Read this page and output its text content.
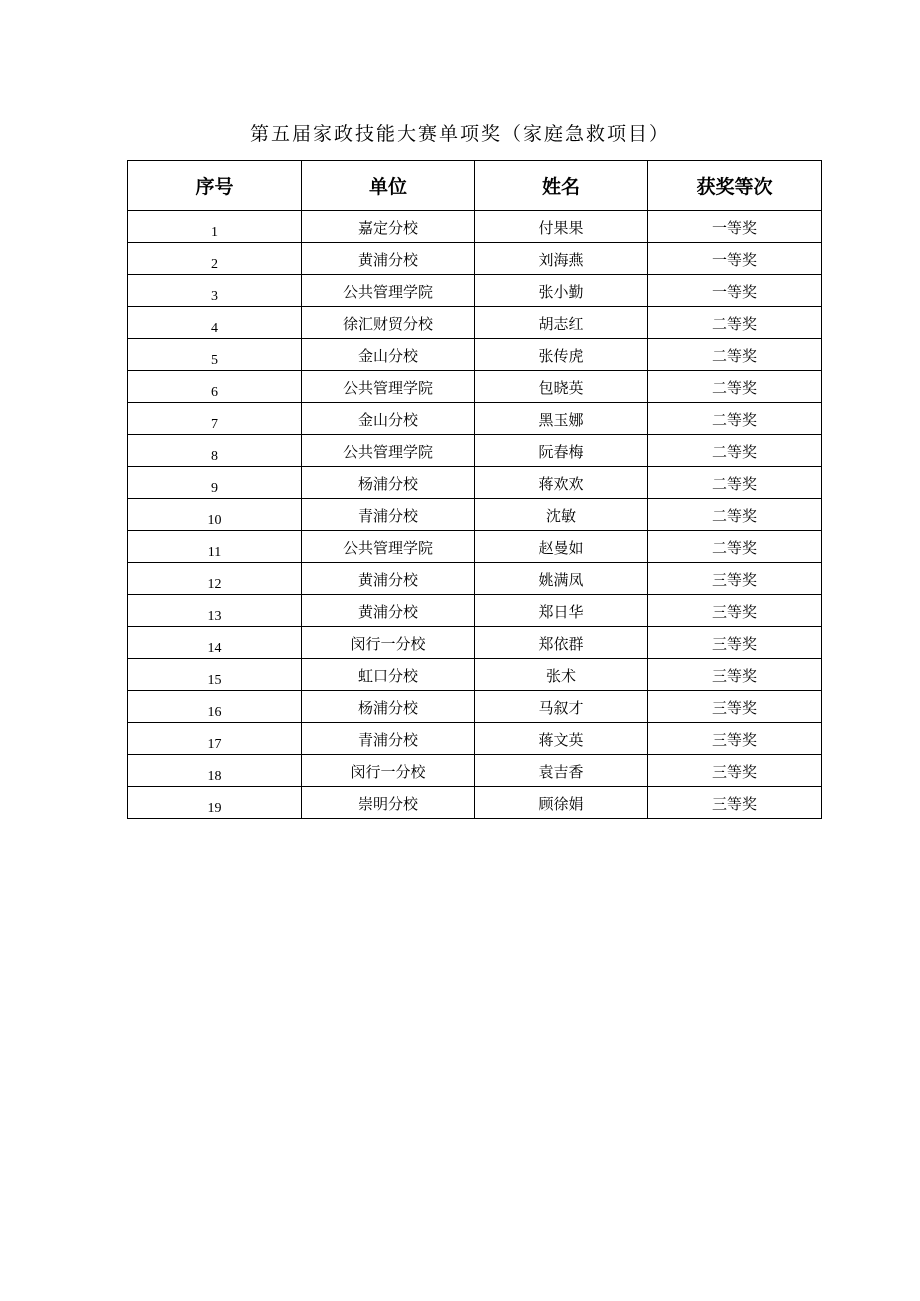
第五届家政技能大赛单项奖（家庭急救项目）
序号	单位	姓名	获奖等次
1	嘉定分校	付果果	一等奖
2	黄浦分校	刘海燕	一等奖
3	公共管理学院	张小勤	一等奖
4	徐汇财贸分校	胡志红	二等奖
5	金山分校	张传虎	二等奖
6	公共管理学院	包晓英	二等奖
7	金山分校	黑玉娜	二等奖
8	公共管理学院	阮春梅	二等奖
9	杨浦分校	蒋欢欢	二等奖
10	青浦分校	沈敏	二等奖
11	公共管理学院	赵曼如	二等奖
12	黄浦分校	姚满凤	三等奖
13	黄浦分校	郑日华	三等奖
14	闵行一分校	郑依群	三等奖
15	虹口分校	张术	三等奖
16	杨浦分校	马叙才	三等奖
17	青浦分校	蒋文英	三等奖
18	闵行一分校	袁吉香	三等奖
19	崇明分校	顾徐娟	三等奖
